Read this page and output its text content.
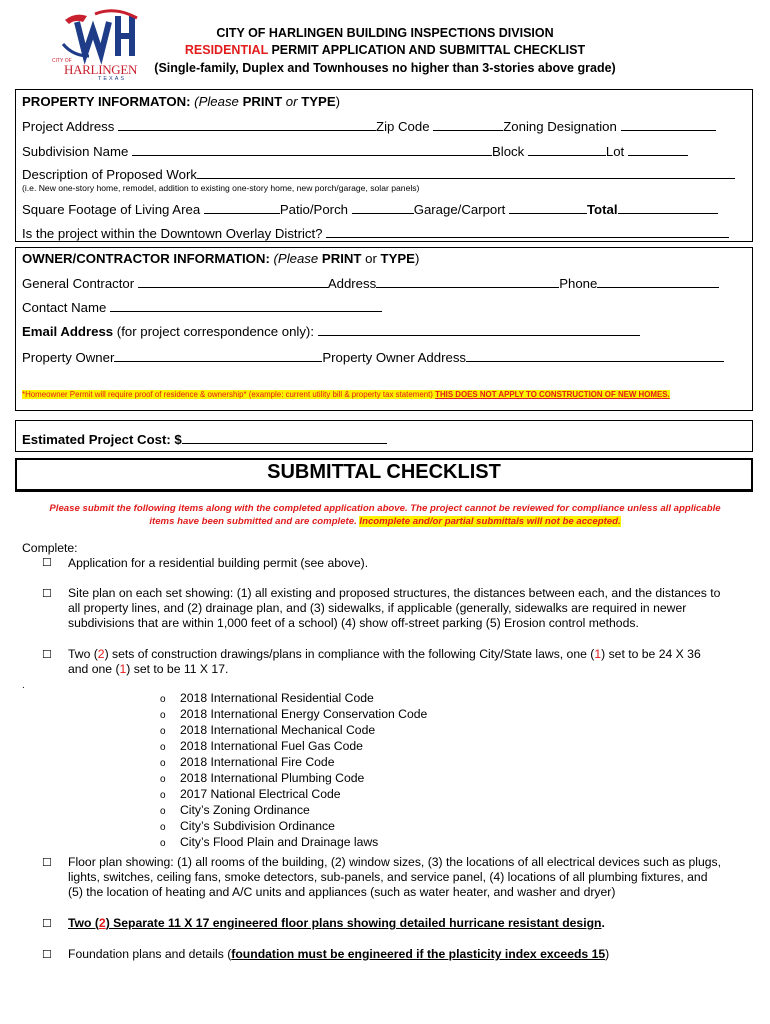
CITY OF
HARLINGEN
TEXAS
CITY OF HARLINGEN BUILDING INSPECTIONS DIVISION
RESIDENTIAL PERMIT APPLICATION AND SUBMITTAL CHECKLIST
(Single-family, Duplex and Townhouses no higher than 3-stories above grade)
PROPERTY INFORMATON: (Please PRINT or TYPE)
Project Address	Zip Code	Zoning Designation
Subdivision Name	Block	Lot
Description of Proposed Work
(i.e. New one-story home, remodel, addition to existing one-story home, new porch/garage, solar panels)
Square Footage of Living Area	Patio/Porch	Garage/Carport	Total
Is the project within the Downtown Overlay District?
OWNER/CONTRACTOR INFORMATION: (Please PRINT or TYPE)
General Contractor	Address	Phone
Contact Name
Email Address (for project correspondence only):
Property Owner	Property Owner Address
*Homeowner Permit will require proof of residence & ownership* (example: current utility bill & property tax statement) THIS DOES NOT APPLY TO CONSTRUCTION OF NEW HOMES.
Estimated Project Cost: $
SUBMITTAL CHECKLIST
Please submit the following items along with the completed application above. The project cannot be reviewed for compliance unless all applicable
items have been submitted and are complete. Incomplete and/or partial submittals will not be accepted.
Complete:
☐ Application for a residential building permit (see above).
☐ Site plan on each set showing: (1) all existing and proposed structures, the distances between each, and the distances to
all property lines, and (2) drainage plan, and (3) sidewalks, if applicable (generally, sidewalks are required in newer
subdivisions that are within 1,000 feet of a school) (4) show off-street parking (5) Erosion control methods.
☐ Two (2) sets of construction drawings/plans in compliance with the following City/State laws, one (1) set to be 24 X 36
and one (1) set to be 11 X 17.
.
o 2018 International Residential Code
o 2018 International Energy Conservation Code
o 2018 International Mechanical Code
o 2018 International Fuel Gas Code
o 2018 International Fire Code
o 2018 International Plumbing Code
o 2017 National Electrical Code
o City’s Zoning Ordinance
o City’s Subdivision Ordinance
o City’s Flood Plain and Drainage laws
☐ Floor plan showing: (1) all rooms of the building, (2) window sizes, (3) the locations of all electrical devices such as plugs,
lights, switches, ceiling fans, smoke detectors, sub-panels, and service panel, (4) locations of all plumbing fixtures, and
(5) the location of heating and A/C units and appliances (such as water heater, and washer and dryer)
☐ Two (2) Separate 11 X 17 engineered floor plans showing detailed hurricane resistant design.
☐ Foundation plans and details (foundation must be engineered if the plasticity index exceeds 15)
